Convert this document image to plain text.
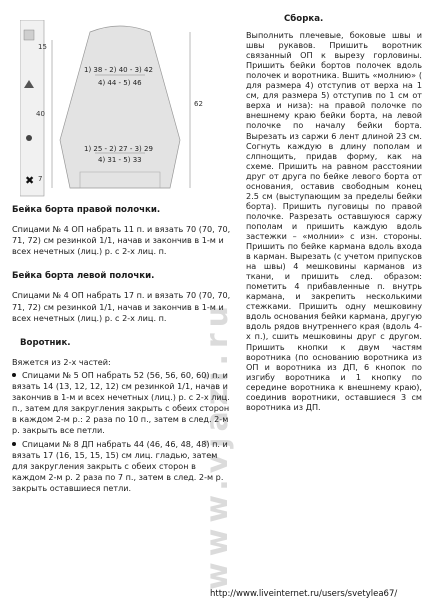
✖
15
40
62
7
1) 38 - 2) 40 - 3) 42
4) 44 - 5) 46
1) 25 - 2) 27 - 3) 29
4) 31 - 5) 33
www.vjazi.ru

Бейка борта правой полочки.

Спицами № 4 ОП набрать 11 п. и вязать 70 (70, 70, 71, 72) см резинкой 1/1, начав и закончив в 1-м и всех нечетных (лиц.) р. с 2-х лиц. п.

Бейка борта левой полочки.

Спицами № 4 ОП набрать 17 п. и вязать 70 (70, 70, 71, 72) см резинкой 1/1, начав и закончив в 1-м и всех нечетных (лиц.) р. с 2-х лиц. п.

Воротник.

Вяжется из 2-х частей:

Спицами № 5 ОП набрать 52 (56, 56, 60, 60) п. и вязать 14 (13, 12, 12, 12) см резинкой 1/1, начав и закончив в 1-м и всех нечетных (лиц.) р. с 2-х лиц. п., затем для закругления закрыть с обеих сторон в каждом 2-м р.: 2 раза по 10 п., затем в след. 2-м р. закрыть все петли.

Спицами № 8 ДП набрать 44 (46, 46, 48, 48) п. и вязать 17 (16, 15, 15, 15) см лиц. гладью, затем для закругления закрыть с обеих сторон в каждом 2-м р. 2 раза по 7 п., затем в след. 2-м р. закрыть оставшиеся петли.

Сборка.

Выполнить плечевые, боковые швы и швы рукавов. Пришить воротник связанный ОП к вырезу горловины. Пришить бейки бортов полочек вдоль полочек и воротника. Вшить «молнию» ( для размера 4) отступив от верха на 1 см, для размера 5) отступив по 1 см от верха и низа): на правой полочке по внешнему краю бейки борта, на левой полочке по началу бейки борта. Вырезать из саржи 6 лент длиной 23 см. Согнуть каждую в длину пополам и слпнощить, придав форму, как на схеме. Пришить на равном расстоянии друг от друга по бейке левого борта от основания, оставив свободным конец 2.5 см (выступающим за пределы бейки борта). Пришить пуговицы по правой полочке. Разрезать оставшуюся саржу пополам и пришить каждую вдоль застежки – «молнии» с изн. стороны. Пришить по бейке кармана вдоль входа в карман. Вырезать (с учетом припусков на швы) 4 мешковины карманов из ткани, и пришить след. образом: пометить 4 прибавленные п. внутрь кармана, и закрепить несколькими стежками. Пришить одну мешковину вдоль основания бейки кармана, другую вдоль рядов внутреннего края (вдоль 4-х п.), сшить мешковины друг с другом. Пришить кнопки к двум частям воротника (по основанию воротника из ОП и воротника из ДП, 6 кнопок по изгибу воротника и 1 кнопку по середине воротника к внешнему краю), соединив воротники, оставшиеся 3 см воротника из ДП.

http://www.liveinternet.ru/users/svetylea67/
